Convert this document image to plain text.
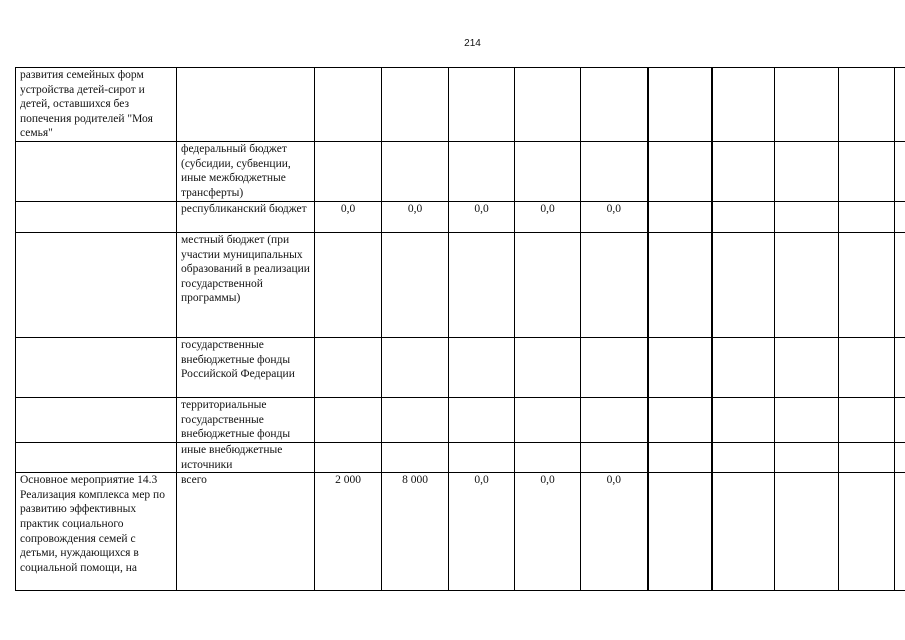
214
развития семейных форм устройства детей-сирот и детей, оставшихся без попечения родителей "Моя семья"											
	федеральный бюджет (субсидии, субвенции, иные межбюджетные трансферты)										
	республиканский бюджет	0,0	0,0	0,0	0,0	0,0					
	местный бюджет (при участии муниципальных образований в реализации государственной программы)										
	государственные внебюджетные фонды Российской Федерации										
	территориальные государственные внебюджетные фонды										
	иные внебюджетные источники										
Основное мероприятие 14.3 Реализация комплекса мер по развитию эффективных практик социального сопровождения семей с детьми, нуждающихся в социальной помощи, на	всего	2 000	8 000	0,0	0,0	0,0					
